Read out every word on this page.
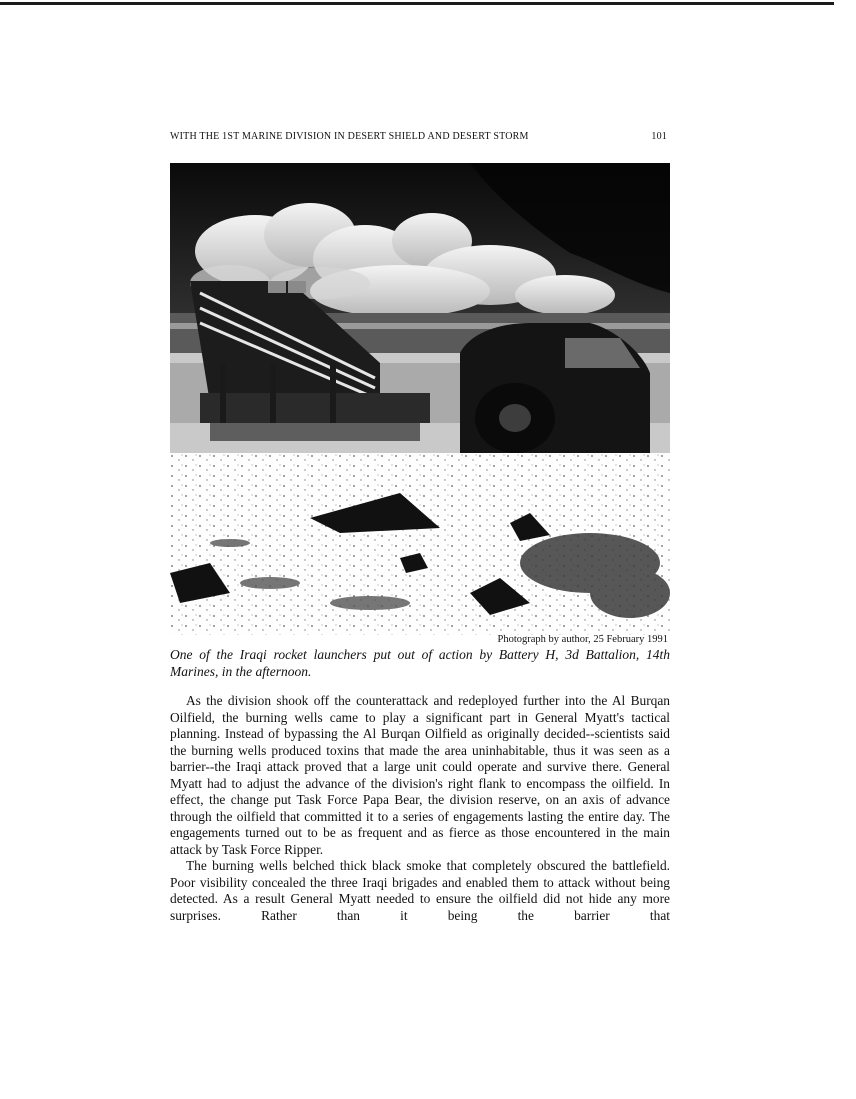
WITH THE 1ST MARINE DIVISION IN DESERT SHIELD AND DESERT STORM	101
Photograph by author, 25 February 1991
One of the Iraqi rocket launchers put out of action by Battery H, 3d Battalion, 14th Marines, in the afternoon.

As the division shook off the counterattack and redeployed further into the Al Burqan Oilfield, the burning wells came to play a significant part in General Myatt's tactical planning. Instead of bypassing the Al Burqan Oilfield as originally decided--scientists said the burning wells produced toxins that made the area uninhabitable, thus it was seen as a barrier--the Iraqi attack proved that a large unit could operate and survive there. General Myatt had to adjust the advance of the division's right flank to encompass the oilfield. In effect, the change put Task Force Papa Bear, the division reserve, on an axis of advance through the oilfield that committed it to a series of engagements lasting the entire day. The engagements turned out to be as frequent and as fierce as those encountered in the main attack by Task Force Ripper.

The burning wells belched thick black smoke that completely obscured the battlefield. Poor visibility concealed the three Iraqi brigades and enabled them to attack without being detected. As a result General Myatt needed to ensure the oilfield did not hide any more surprises. Rather than it being the barrier that
